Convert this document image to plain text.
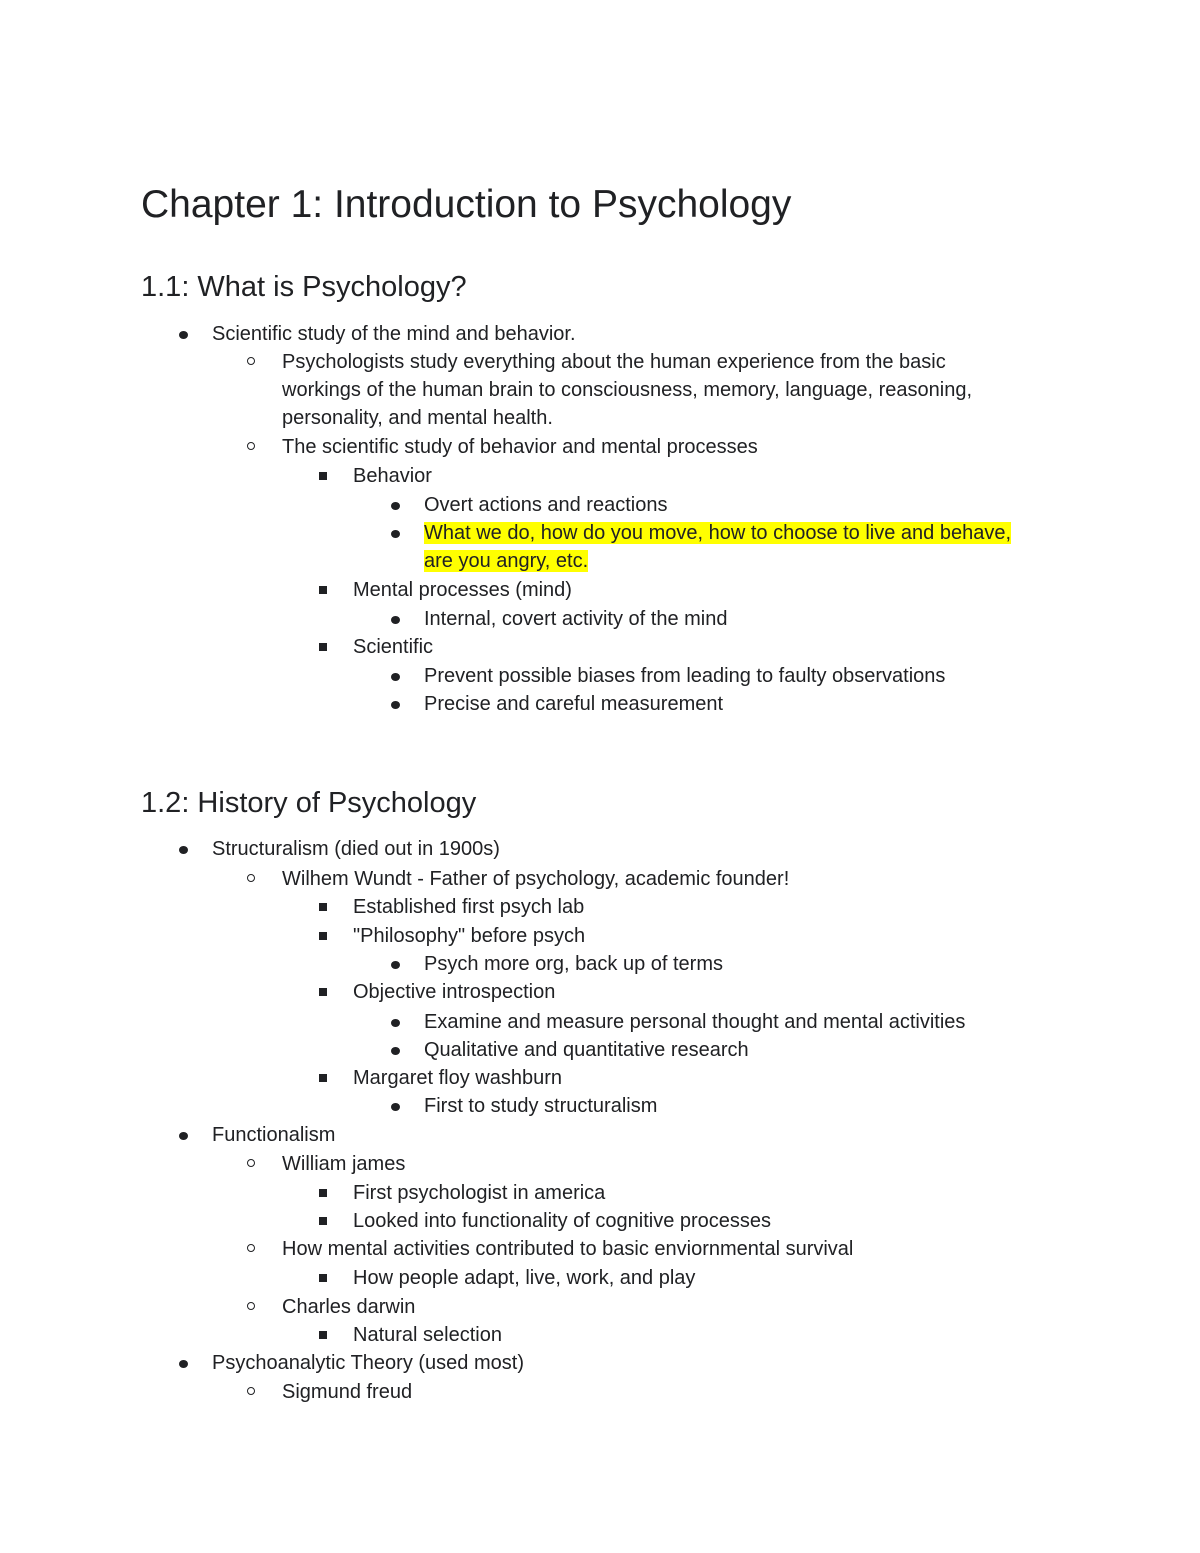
Chapter 1: Introduction to Psychology
1.1: What is Psychology?
Scientific study of the mind and behavior.
Psychologists study everything about the human experience from the basic
workings of the human brain to consciousness, memory, language, reasoning,
personality, and mental health.
The scientific study of behavior and mental processes
Behavior
Overt actions and reactions
What we do, how do you move, how to choose to live and behave,
are you angry, etc.
Mental processes (mind)
Internal, covert activity of the mind
Scientific
Prevent possible biases from leading to faulty observations
Precise and careful measurement
1.2: History of Psychology
Structuralism (died out in 1900s)
Wilhem Wundt - Father of psychology, academic founder!
Established first psych lab
"Philosophy" before psych
Psych more org, back up of terms
Objective introspection
Examine and measure personal thought and mental activities
Qualitative and quantitative research
Margaret floy washburn
First to study structuralism
Functionalism
William james
First psychologist in america
Looked into functionality of cognitive processes
How mental activities contributed to basic enviornmental survival
How people adapt, live, work, and play
Charles darwin
Natural selection
Psychoanalytic Theory (used most)
Sigmund freud
